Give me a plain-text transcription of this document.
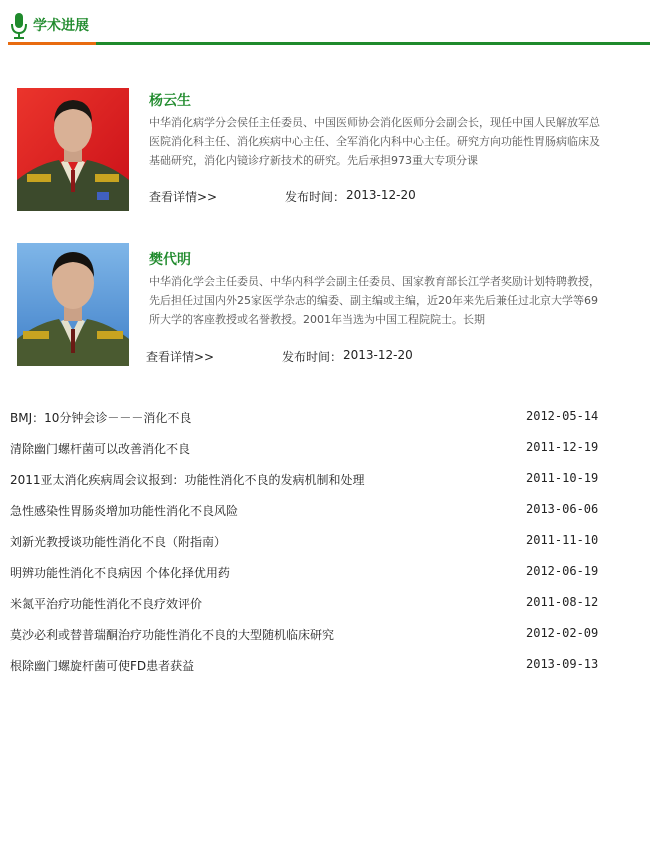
学术进展
杨云生
中华消化病学分会侯任主任委员、中国医师协会消化医师分会副会长，现任中国人民解放军总医院消化科主任、消化疾病中心主任、全军消化内科中心主任。研究方向功能性胃肠病临床及基础研究，消化内镜诊疗新技术的研究。先后承担973重大专项分课
查看详情>>	发布时间： 2013-12-20
樊代明
中华消化学会主任委员、中华内科学会副主任委员、国家教育部长江学者奖励计划特聘教授，先后担任过国内外25家医学杂志的编委、副主编或主编，近20年来先后兼任过北京大学等69所大学的客座教授或名誉教授。2001年当选为中国工程院院士。长期
查看详情>>	发布时间： 2013-12-20
BMJ：10分钟会诊－－－消化不良	2012-05-14
清除幽门螺杆菌可以改善消化不良	2011-12-19
2011亚太消化疾病周会议报到：功能性消化不良的发病机制和处理	2011-10-19
急性感染性胃肠炎增加功能性消化不良风险	2013-06-06
刘新光教授谈功能性消化不良（附指南）	2011-11-10
明辨功能性消化不良病因 个体化择优用药	2012-06-19
米氮平治疗功能性消化不良疗效评价	2011-08-12
莫沙必利或替普瑞酮治疗功能性消化不良的大型随机临床研究	2012-02-09
根除幽门螺旋杆菌可使FD患者获益	2013-09-13
